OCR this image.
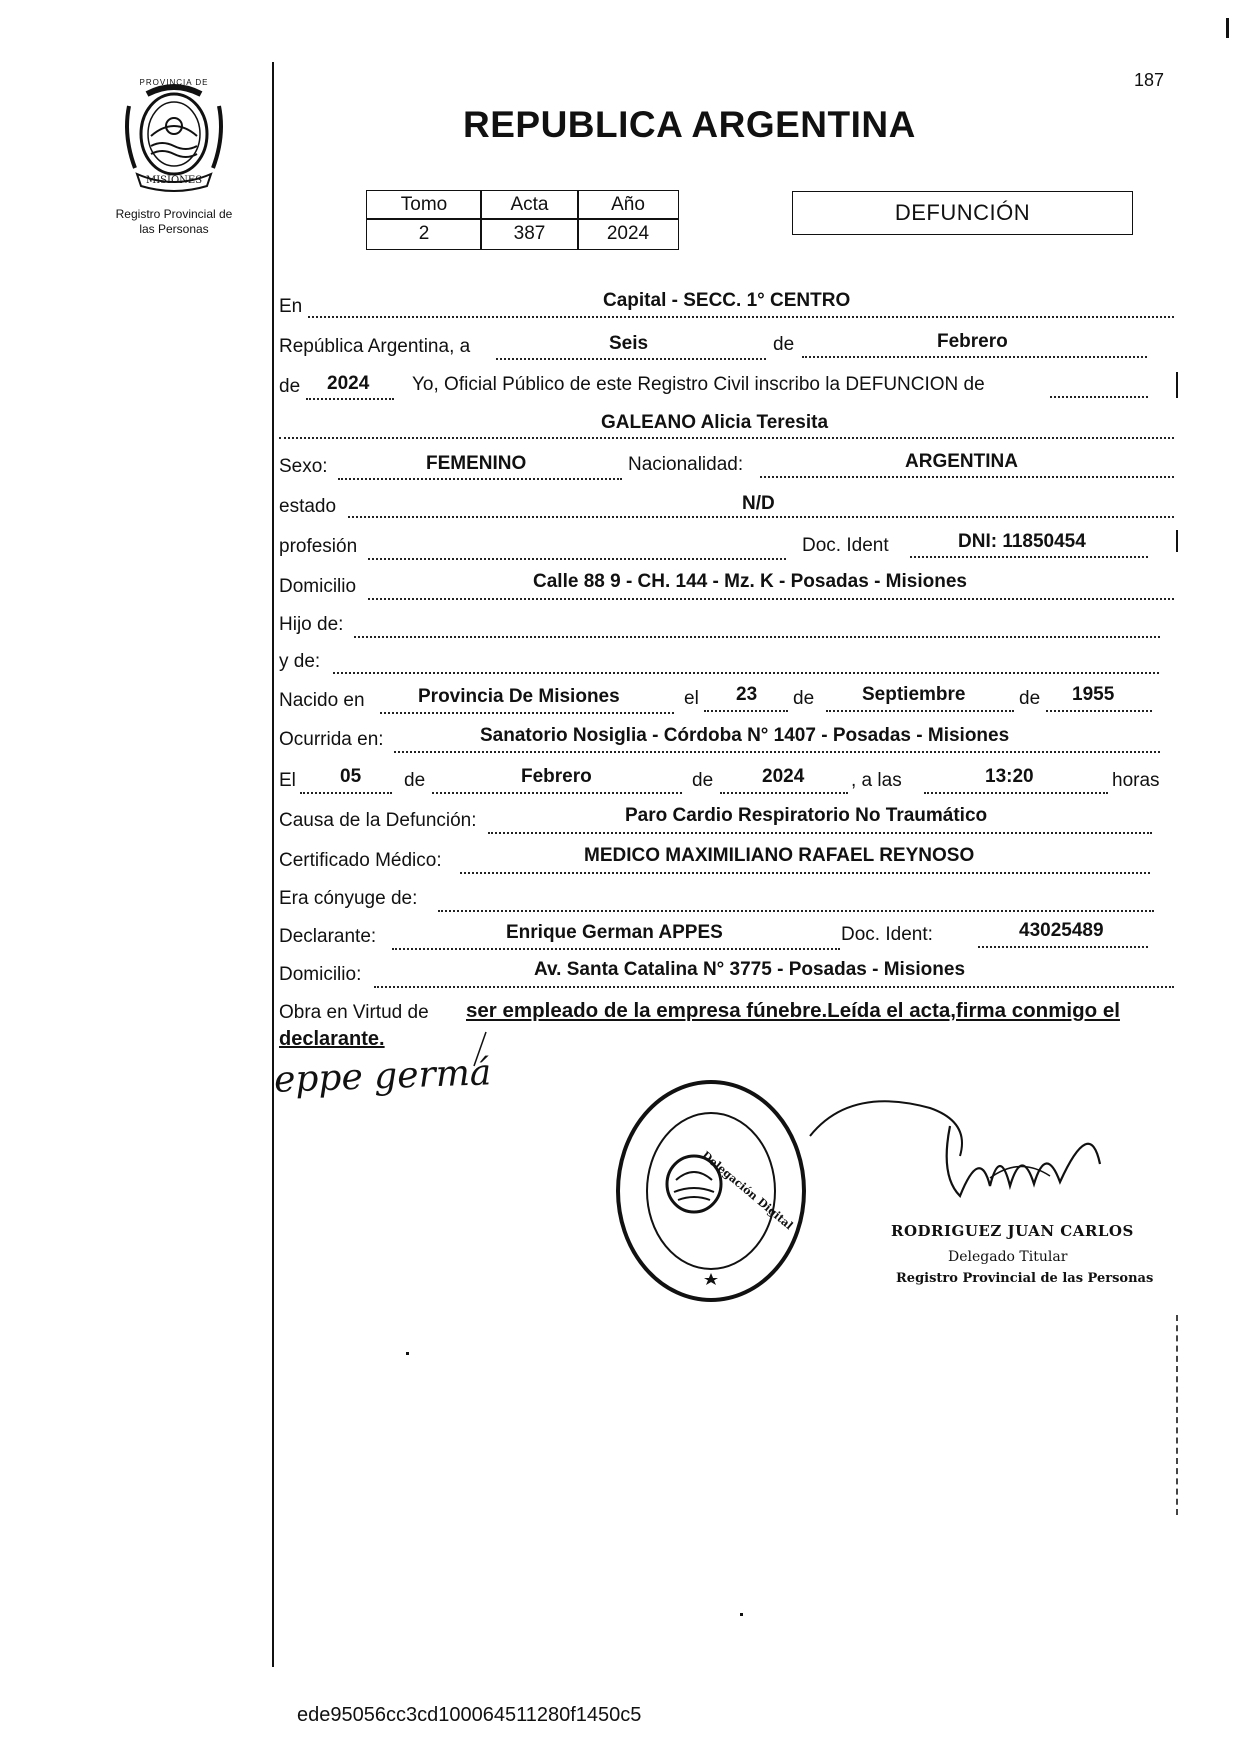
187
PROVINCIA DE
MISIONES
Registro Provincial de
las Personas
REPUBLICA ARGENTINA
Tomo	Acta	Año
2	387	2024
DEFUNCIÓN
En	Capital - SECC. 1° CENTRO
República Argentina, a	Seis	de	Febrero
de 2024 Yo, Oficial Público de este Registro Civil inscribo la DEFUNCION de
GALEANO Alicia Teresita
Sexo:	FEMENINO	Nacionalidad:	ARGENTINA
estado	N/D
profesión	Doc. Ident	DNI: 11850454
Domicilio	Calle 88 9 - CH. 144 - Mz. K - Posadas - Misiones
Hijo de:
y de:
Nacido en	Provincia De Misiones	el 23 de	Septiembre	de 1955
Ocurrida en:	Sanatorio Nosiglia - Córdoba N° 1407 - Posadas - Misiones
El 05 de	Febrero	de	2024 , a las	13:20	horas
Causa de la Defunción:	Paro Cardio Respiratorio No Traumático
Certificado Médico:	MEDICO MAXIMILIANO RAFAEL REYNOSO
Era cónyuge de:
Declarante:	Enrique German APPES	Doc. Ident:	43025489
Domicilio:	Av. Santa Catalina N° 3775 - Posadas - Misiones
Obra en Virtud de ser empleado de la empresa fúnebre.Leída el acta,firma conmigo el
declarante.
eppe germá
Delegación Digital	RODRIGUEZ JUAN CARLOS
Delegado Titular
Registro Provincial de las Personas
ede95056cc3cd100064511280f1450c5
